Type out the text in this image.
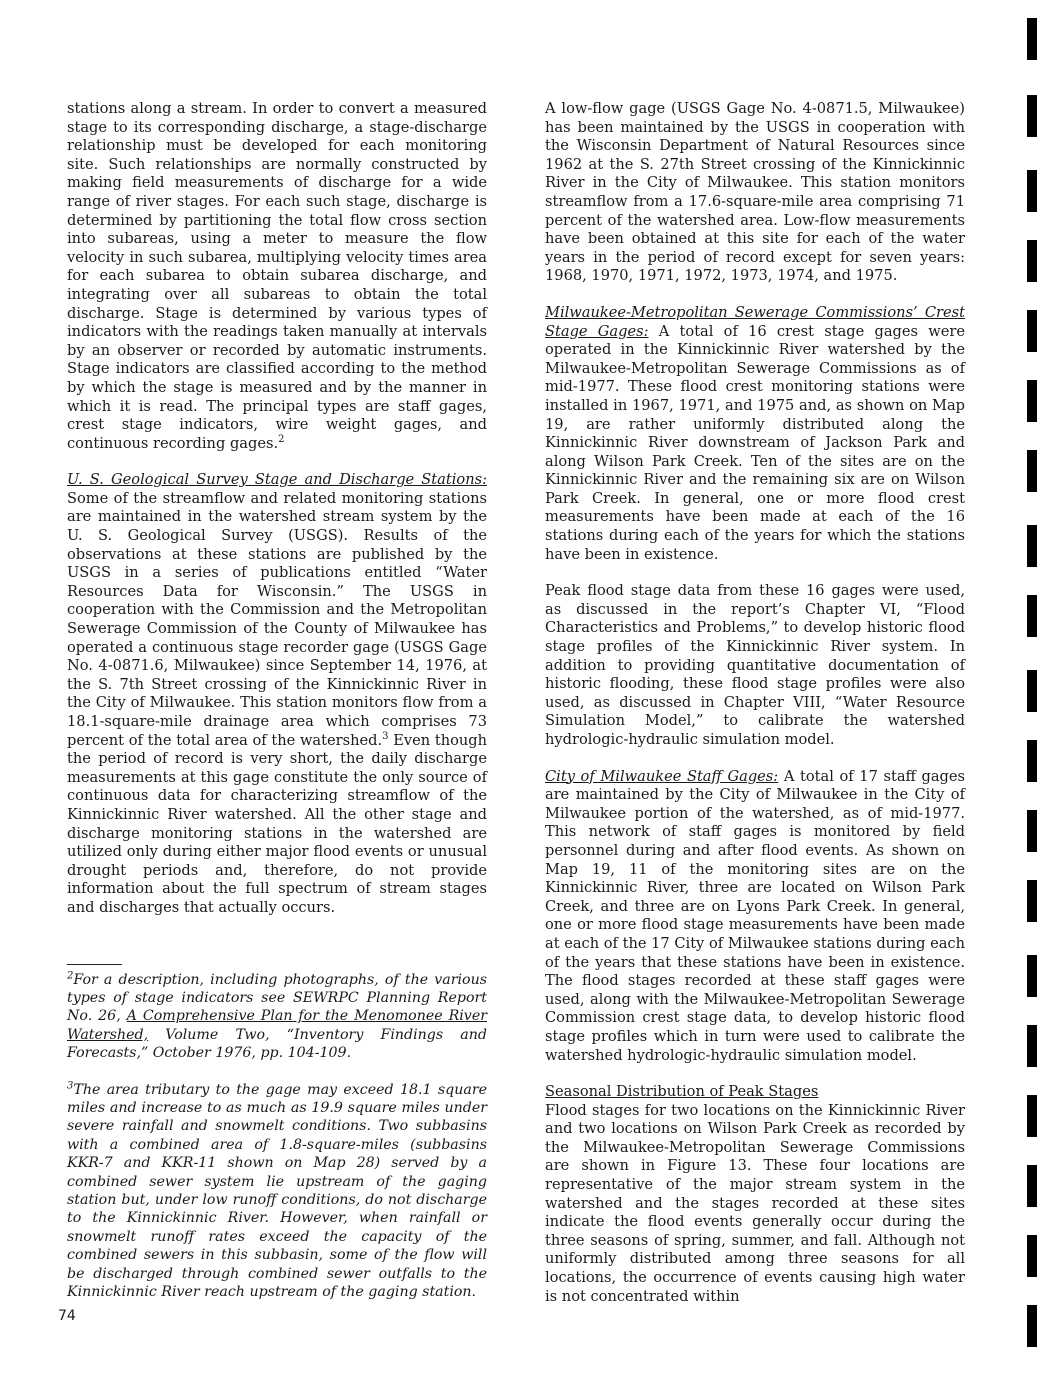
stations along a stream. In order to convert a measured stage to its corresponding discharge, a stage-discharge relationship must be developed for each monitoring site. Such relationships are normally constructed by making field measurements of discharge for a wide range of river stages. For each such stage, discharge is determined by partitioning the total flow cross section into subareas, using a meter to measure the flow velocity in such subarea, multiplying velocity times area for each subarea to obtain subarea discharge, and integrating over all subareas to obtain the total discharge. Stage is determined by various types of indicators with the readings taken manually at intervals by an observer or recorded by automatic instruments. Stage indicators are classified according to the method by which the stage is measured and by the manner in which it is read. The principal types are staff gages, crest stage indicators, wire weight gages, and continuous recording gages.$^2$

U. S. Geological Survey Stage and Discharge Stations: Some of the streamflow and related monitoring stations are maintained in the watershed stream system by the U. S. Geological Survey (USGS). Results of the observations at these stations are published by the USGS in a series of publications entitled “Water Resources Data for Wisconsin.” The USGS in cooperation with the Commission and the Metropolitan Sewerage Commission of the County of Milwaukee has operated a continuous stage recorder gage (USGS Gage No. 4-0871.6, Milwaukee) since September 14, 1976, at the S. 7th Street crossing of the Kinnickinnic River in the City of Milwaukee. This station monitors flow from a 18.1-square-mile drainage area which comprises 73 percent of the total area of the watershed.$^3$ Even though the period of record is very short, the daily discharge measurements at this gage constitute the only source of continuous data for characterizing streamflow of the Kinnickinnic River watershed. All the other stage and discharge monitoring stations in the watershed are utilized only during either major flood events or unusual drought periods and, therefore, do not provide information about the full spectrum of stream stages and discharges that actually occurs.

$^2$For a description, including photographs, of the various types of stage indicators see SEWRPC Planning Report No. 26, A Comprehensive Plan for the Menomonee River Watershed, Volume Two, “Inventory Findings and Forecasts,” October 1976, pp. 104-109.

$^3$The area tributary to the gage may exceed 18.1 square miles and increase to as much as 19.9 square miles under severe rainfall and snowmelt conditions. Two subbasins with a combined area of 1.8-square-miles (subbasins KKR-7 and KKR-11 shown on Map 28) served by a combined sewer system lie upstream of the gaging station but, under low runoff conditions, do not discharge to the Kinnickinnic River. However, when rainfall or snowmelt runoff rates exceed the capacity of the combined sewers in this subbasin, some of the flow will be discharged through combined sewer outfalls to the Kinnickinnic River reach upstream of the gaging station.

A low-flow gage (USGS Gage No. 4-0871.5, Milwaukee) has been maintained by the USGS in cooperation with the Wisconsin Department of Natural Resources since 1962 at the S. 27th Street crossing of the Kinnickinnic River in the City of Milwaukee. This station monitors streamflow from a 17.6-square-mile area comprising 71 percent of the watershed area. Low-flow measurements have been obtained at this site for each of the water years in the period of record except for seven years: 1968, 1970, 1971, 1972, 1973, 1974, and 1975.

Milwaukee-Metropolitan Sewerage Commissions’ Crest Stage Gages: A total of 16 crest stage gages were operated in the Kinnickinnic River watershed by the Milwaukee-Metropolitan Sewerage Commissions as of mid-1977. These flood crest monitoring stations were installed in 1967, 1971, and 1975 and, as shown on Map 19, are rather uniformly distributed along the Kinnickinnic River downstream of Jackson Park and along Wilson Park Creek. Ten of the sites are on the Kinnickinnic River and the remaining six are on Wilson Park Creek. In general, one or more flood crest measurements have been made at each of the 16 stations during each of the years for which the stations have been in existence.

Peak flood stage data from these 16 gages were used, as discussed in the report’s Chapter VI, “Flood Characteristics and Problems,” to develop historic flood stage profiles of the Kinnickinnic River system. In addition to providing quantitative documentation of historic flooding, these flood stage profiles were also used, as discussed in Chapter VIII, “Water Resource Simulation Model,” to calibrate the watershed hydrologic-hydraulic simulation model.

City of Milwaukee Staff Gages: A total of 17 staff gages are maintained by the City of Milwaukee in the City of Milwaukee portion of the watershed, as of mid-1977. This network of staff gages is monitored by field personnel during and after flood events. As shown on Map 19, 11 of the monitoring sites are on the Kinnickinnic River, three are located on Wilson Park Creek, and three are on Lyons Park Creek. In general, one or more flood stage measurements have been made at each of the 17 City of Milwaukee stations during each of the years that these stations have been in existence. The flood stages recorded at these staff gages were used, along with the Milwaukee-Metropolitan Sewerage Commission crest stage data, to develop historic flood stage profiles which in turn were used to calibrate the watershed hydrologic-hydraulic simulation model.

Seasonal Distribution of Peak Stages
Flood stages for two locations on the Kinnickinnic River and two locations on Wilson Park Creek as recorded by the Milwaukee-Metropolitan Sewerage Commissions are shown in Figure 13. These four locations are representative of the major stream system in the watershed and the stages recorded at these sites indicate the flood events generally occur during the three seasons of spring, summer, and fall. Although not uniformly distributed among three seasons for all locations, the occurrence of events causing high water is not concentrated within

74
